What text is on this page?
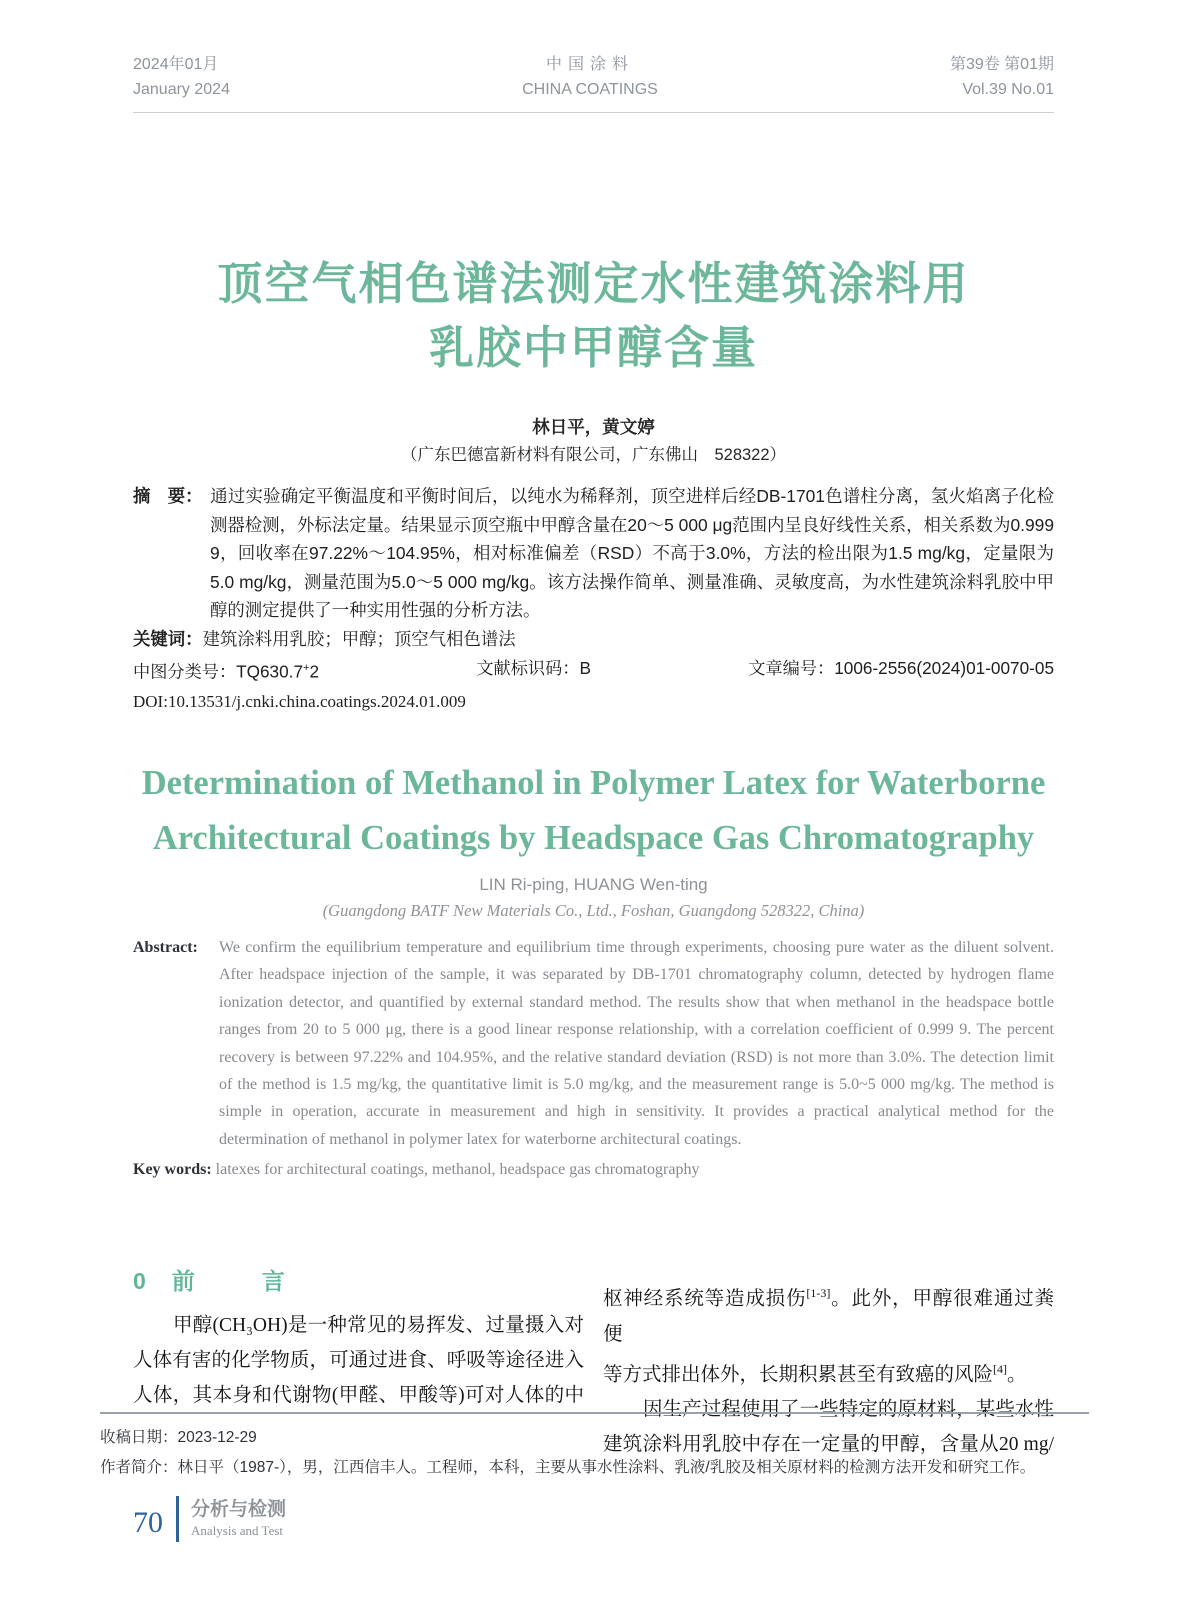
2024年01月
January 2024
中国涂料
CHINA COATINGS
第39卷 第01期
Vol.39 No.01
顶空气相色谱法测定水性建筑涂料用
乳胶中甲醇含量
林日平，黄文婷
（广东巴德富新材料有限公司，广东佛山　528322）

摘　要： 通过实验确定平衡温度和平衡时间后，以纯水为稀释剂，顶空进样后经DB-1701色谱柱分离，氢火焰离子化检测器检测，外标法定量。结果显示顶空瓶中甲醇含量在20～5 000 μg范围内呈良好线性关系，相关系数为0.999 9，回收率在97.22%～104.95%，相对标准偏差（RSD）不高于3.0%，方法的检出限为1.5 mg/kg，定量限为5.0 mg/kg，测量范围为5.0～5 000 mg/kg。该方法操作简单、测量准确、灵敏度高，为水性建筑涂料乳胶中甲醇的测定提供了一种实用性强的分析方法。

关键词：建筑涂料用乳胶；甲醇；顶空气相色谱法

中图分类号：TQ630.7+2	文献标识码：B	文章编号：1006-2556(2024)01-0070-05
DOI:10.13531/j.cnki.china.coatings.2024.01.009
Determination of Methanol in Polymer Latex for Waterborne
Architectural Coatings by Headspace Gas Chromatography
LIN Ri-ping, HUANG Wen-ting
(Guangdong BATF New Materials Co., Ltd., Foshan, Guangdong 528322, China)

Abstract: We confirm the equilibrium temperature and equilibrium time through experiments, choosing pure water as the diluent solvent. After headspace injection of the sample, it was separated by DB-1701 chromatography column, detected by hydrogen flame ionization detector, and quantified by external standard method. The results show that when methanol in the headspace bottle ranges from 20 to 5 000 μg, there is a good linear response relationship, with a correlation coefficient of 0.999 9. The percent recovery is between 97.22% and 104.95%, and the relative standard deviation (RSD) is not more than 3.0%. The detection limit of the method is 1.5 mg/kg, the quantitative limit is 5.0 mg/kg, and the measurement range is 5.0~5 000 mg/kg. The method is simple in operation, accurate in measurement and high in sensitivity. It provides a practical analytical method for the determination of methanol in polymer latex for waterborne architectural coatings.

Key words: latexes for architectural coatings, methanol, headspace gas chromatography

0 前　言
甲醇(CH₃OH)是一种常见的易挥发、过量摄入对
人体有害的化学物质，可通过进食、呼吸等途径进入
人体，其本身和代谢物(甲醛、甲酸等)可对人体的中
枢神经系统等造成损伤[1-3]。此外，甲醇很难通过粪便
等方式排出体外，长期积累甚至有致癌的风险[4]。
因生产过程使用了一些特定的原材料，某些水性
建筑涂料用乳胶中存在一定量的甲醇，含量从20 mg/

收稿日期：2023-12-29

作者简介：林日平（1987-），男，江西信丰人。工程师，本科，主要从事水性涂料、乳液/乳胶及相关原材料的检测方法开发和研究工作。

70 分析与检测
Analysis and Test
